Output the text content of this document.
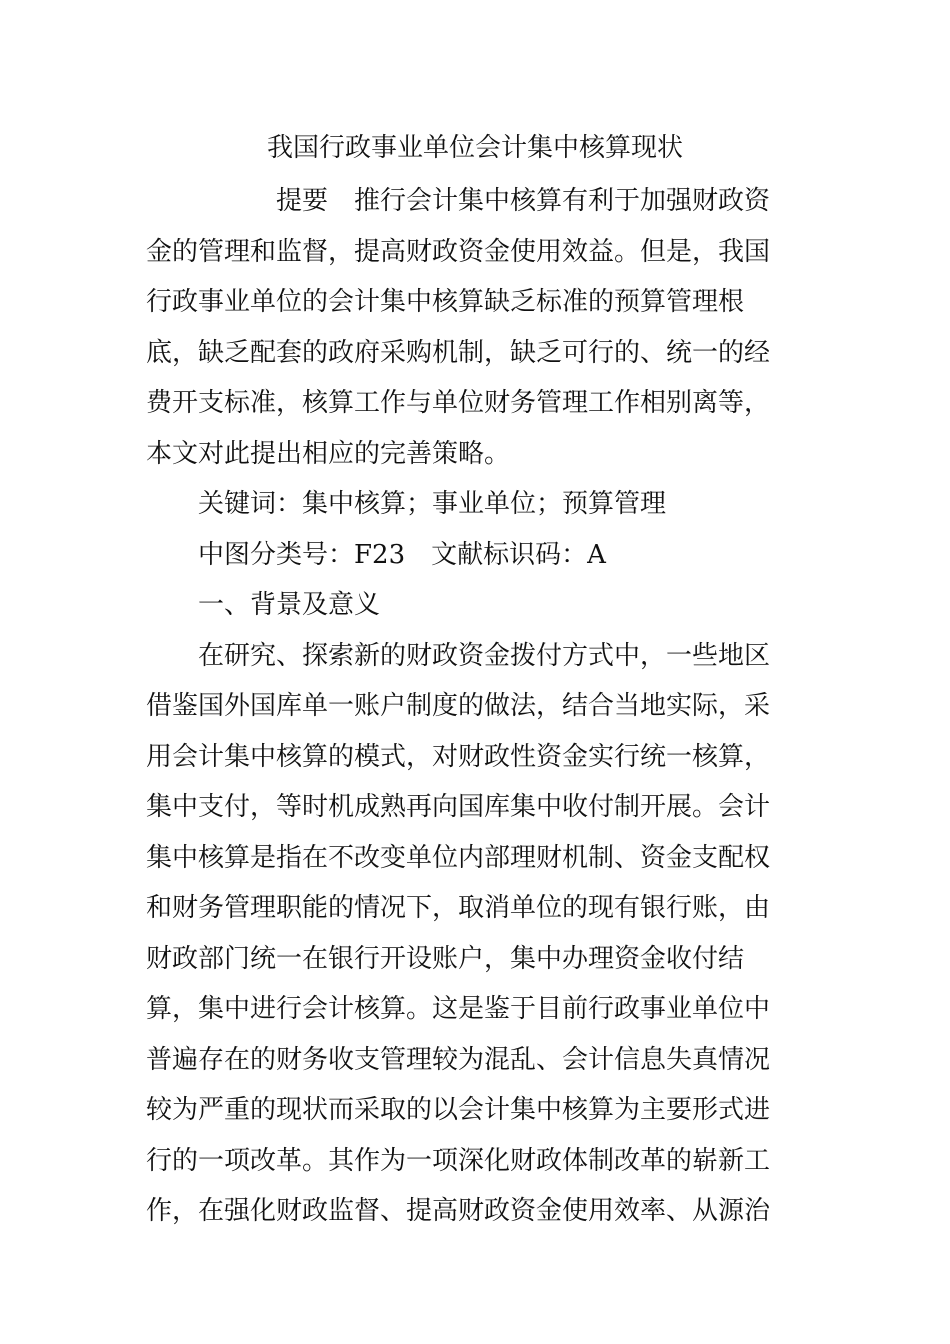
我国行政事业单位会计集中核算现状
提要　推行会计集中核算有利于加强财政资
金的管理和监督，提高财政资金使用效益。但是，我国
行政事业单位的会计集中核算缺乏标准的预算管理根
底，缺乏配套的政府采购机制，缺乏可行的、统一的经
费开支标准，核算工作与单位财务管理工作相别离等，
本文对此提出相应的完善策略。
关键词：集中核算；事业单位；预算管理
中图分类号：F23　文献标识码：A
一、背景及意义
在研究、探索新的财政资金拨付方式中，一些地区
借鉴国外国库单一账户制度的做法，结合当地实际，采
用会计集中核算的模式，对财政性资金实行统一核算，
集中支付，等时机成熟再向国库集中收付制开展。会计
集中核算是指在不改变单位内部理财机制、资金支配权
和财务管理职能的情况下，取消单位的现有银行账，由
财政部门统一在银行开设账户，集中办理资金收付结
算，集中进行会计核算。这是鉴于目前行政事业单位中
普遍存在的财务收支管理较为混乱、会计信息失真情况
较为严重的现状而采取的以会计集中核算为主要形式进
行的一项改革。其作为一项深化财政体制改革的崭新工
作，在强化财政监督、提高财政资金使用效率、从源治
